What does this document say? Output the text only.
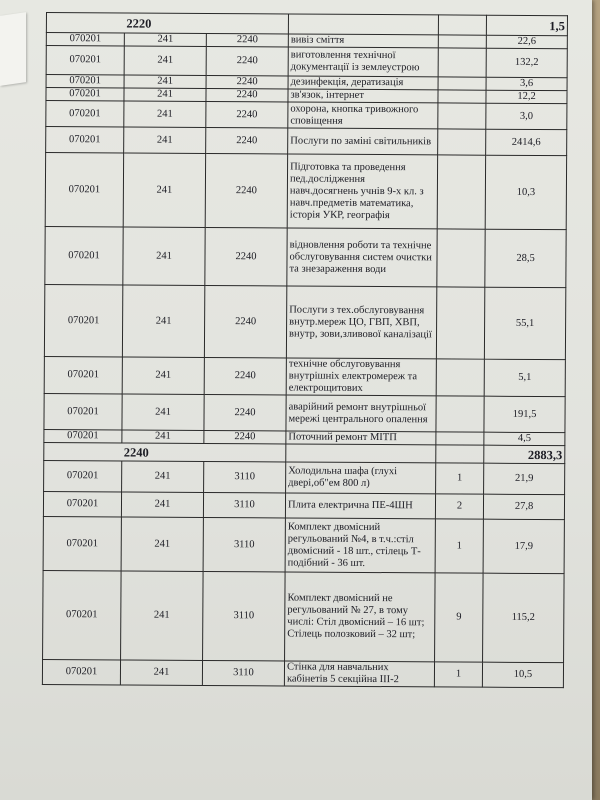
2220					1,5
070201	241	2240	вивіз сміття		22,6
070201	241	2240	виготовлення технічної документації із землеустрою		132,2
070201	241	2240	дезинфекція, дератизація		3,6
070201	241	2240	зв'язок, інтернет		12,2
070201	241	2240	охорона, кнопка тривожного сповіщення		3,0
070201	241	2240	Послуги по заміні світильників		2414,6
070201	241	2240	Підготовка та проведення пед.дослідження навч.досягнень учнів 9-х кл. з навч.предметів математика, історія УКР, географія		10,3
070201	241	2240	відновлення роботи та технічне обслуговування систем очистки та знезараження води		28,5
070201	241	2240	Послуги з тех.обслуговування внутр.мереж ЦО, ГВП, ХВП, внутр, зови,зливової каналізації		55,1
070201	241	2240	технічне обслуговування внутрішніх електромереж та електрощитових		5,1
070201	241	2240	аварійний ремонт внутрішньої мережі центрального опалення		191,5
070201	241	2240	Поточний ремонт МІТП		4,5
2240					2883,3
070201	241	3110	Холодильна шафа (глухі двері,об"ем 800 л)	1	21,9
070201	241	3110	Плита електрична ПЕ-4ШН	2	27,8
070201	241	3110	Комплект двомісний регульований №4, в т.ч.:стіл двомісний - 18 шт., стілець Т-подібний - 36 шт.	1	17,9
070201	241	3110	Комплект двомісний не регульований № 27, в тому числі: Стіл двомісний – 16 шт; Стілець полозковий – 32 шт;	9	115,2
070201	241	3110	Стінка для навчальних кабінетів 5 секційна ІІІ-2	1	10,5
